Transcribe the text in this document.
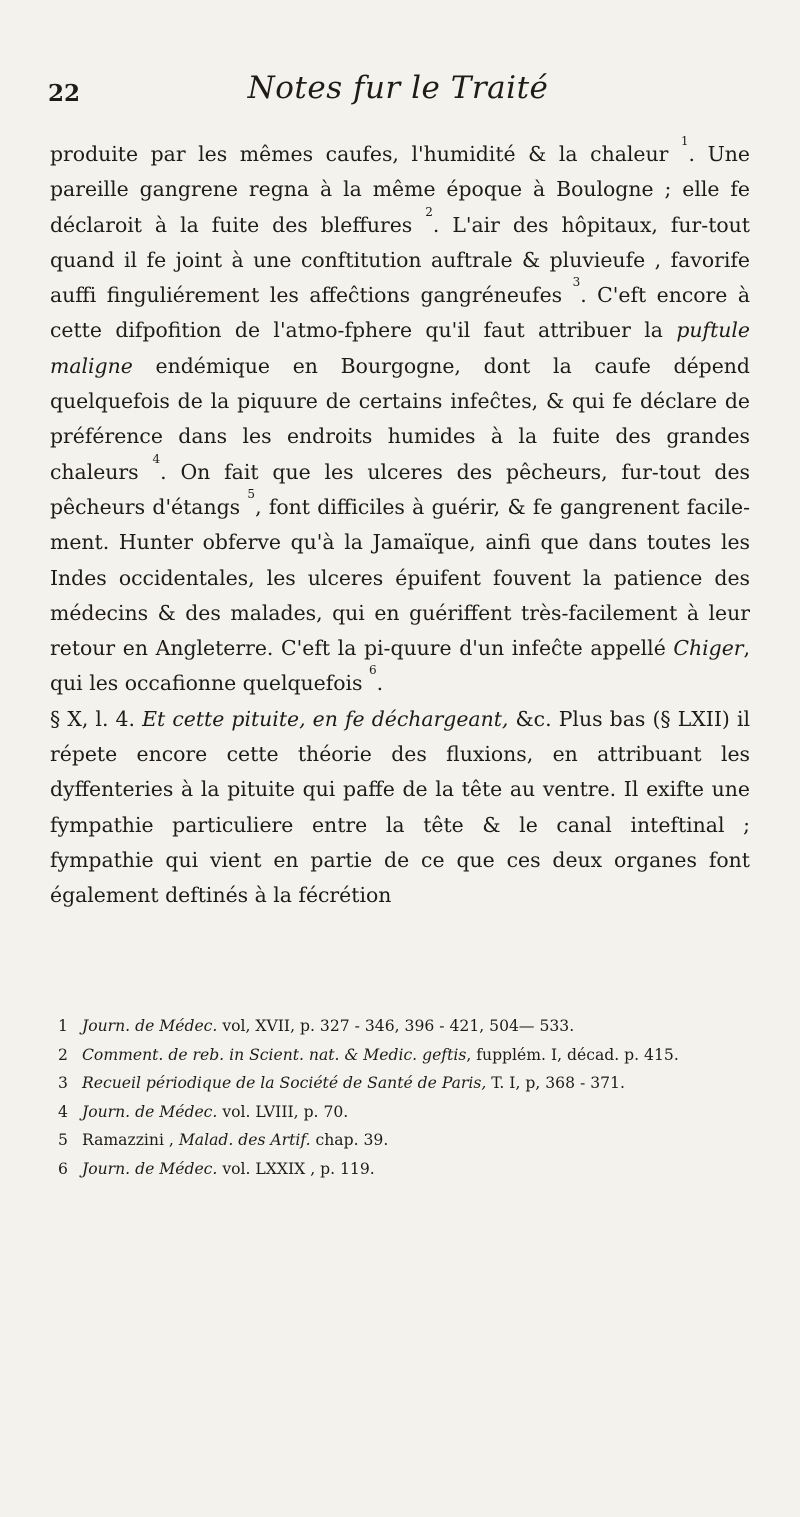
22	Notes fur le Traité

produite par les mêmes caufes, l'humidité & la chaleur $^1$. Une pareille gangrene regna à la même époque à Boulogne ; elle fe déclaroit à la fuite des bleffures $^2$. L'air des hôpitaux, fur-tout quand il fe joint à une conftitution auftrale & pluvieufe , favorife auffi finguliérement les affeĉtions gangréneufes $^3$. C'eft encore à cette difpofition de l'atmo-fphere qu'il faut attribuer la puftule maligne endémique en Bourgogne, dont la caufe dépend quelquefois de la piquure de certains infeĉtes, & qui fe déclare de préférence dans les endroits humides à la fuite des grandes chaleurs $^4$. On fait que les ulceres des pêcheurs, fur-tout des pêcheurs d'étangs $^5$, font difficiles à guérir, & fe gangrenent facile-ment. Hunter obferve qu'à la Jamaïque, ainfi que dans toutes les Indes occidentales, les ulceres épuifent fouvent la patience des médecins & des malades, qui en guériffent très-facilement à leur retour en Angleterre. C'eft la pi-quure d'un infeĉte appellé Chiger, qui les occafionne quelquefois $^6$.

§ X, l. 4. Et cette pituite, en fe déchargeant, &c. Plus bas (§ LXII) il répete encore cette théorie des fluxions, en attribuant les dyffenteries à la pituite qui paffe de la tête au ventre. Il exifte une fympathie particuliere entre la tête & le canal inteftinal ; fympathie qui vient en partie de ce que ces deux organes font également deftinés à la fécrétion

1 Journ. de Médec. vol, XVII, p. 327 - 346, 396 - 421, 504— 533.

2 Comment. de reb. in Scient. nat. & Medic. geftis, fupplém. I, décad. p. 415.

3 Recueil périodique de la Société de Santé de Paris, T. I, p, 368 - 371.

4 Journ. de Médec. vol. LVIII, p. 70.

5 Ramazzini , Malad. des Artif. chap. 39.

6 Journ. de Médec. vol. LXXIX , p. 119.
